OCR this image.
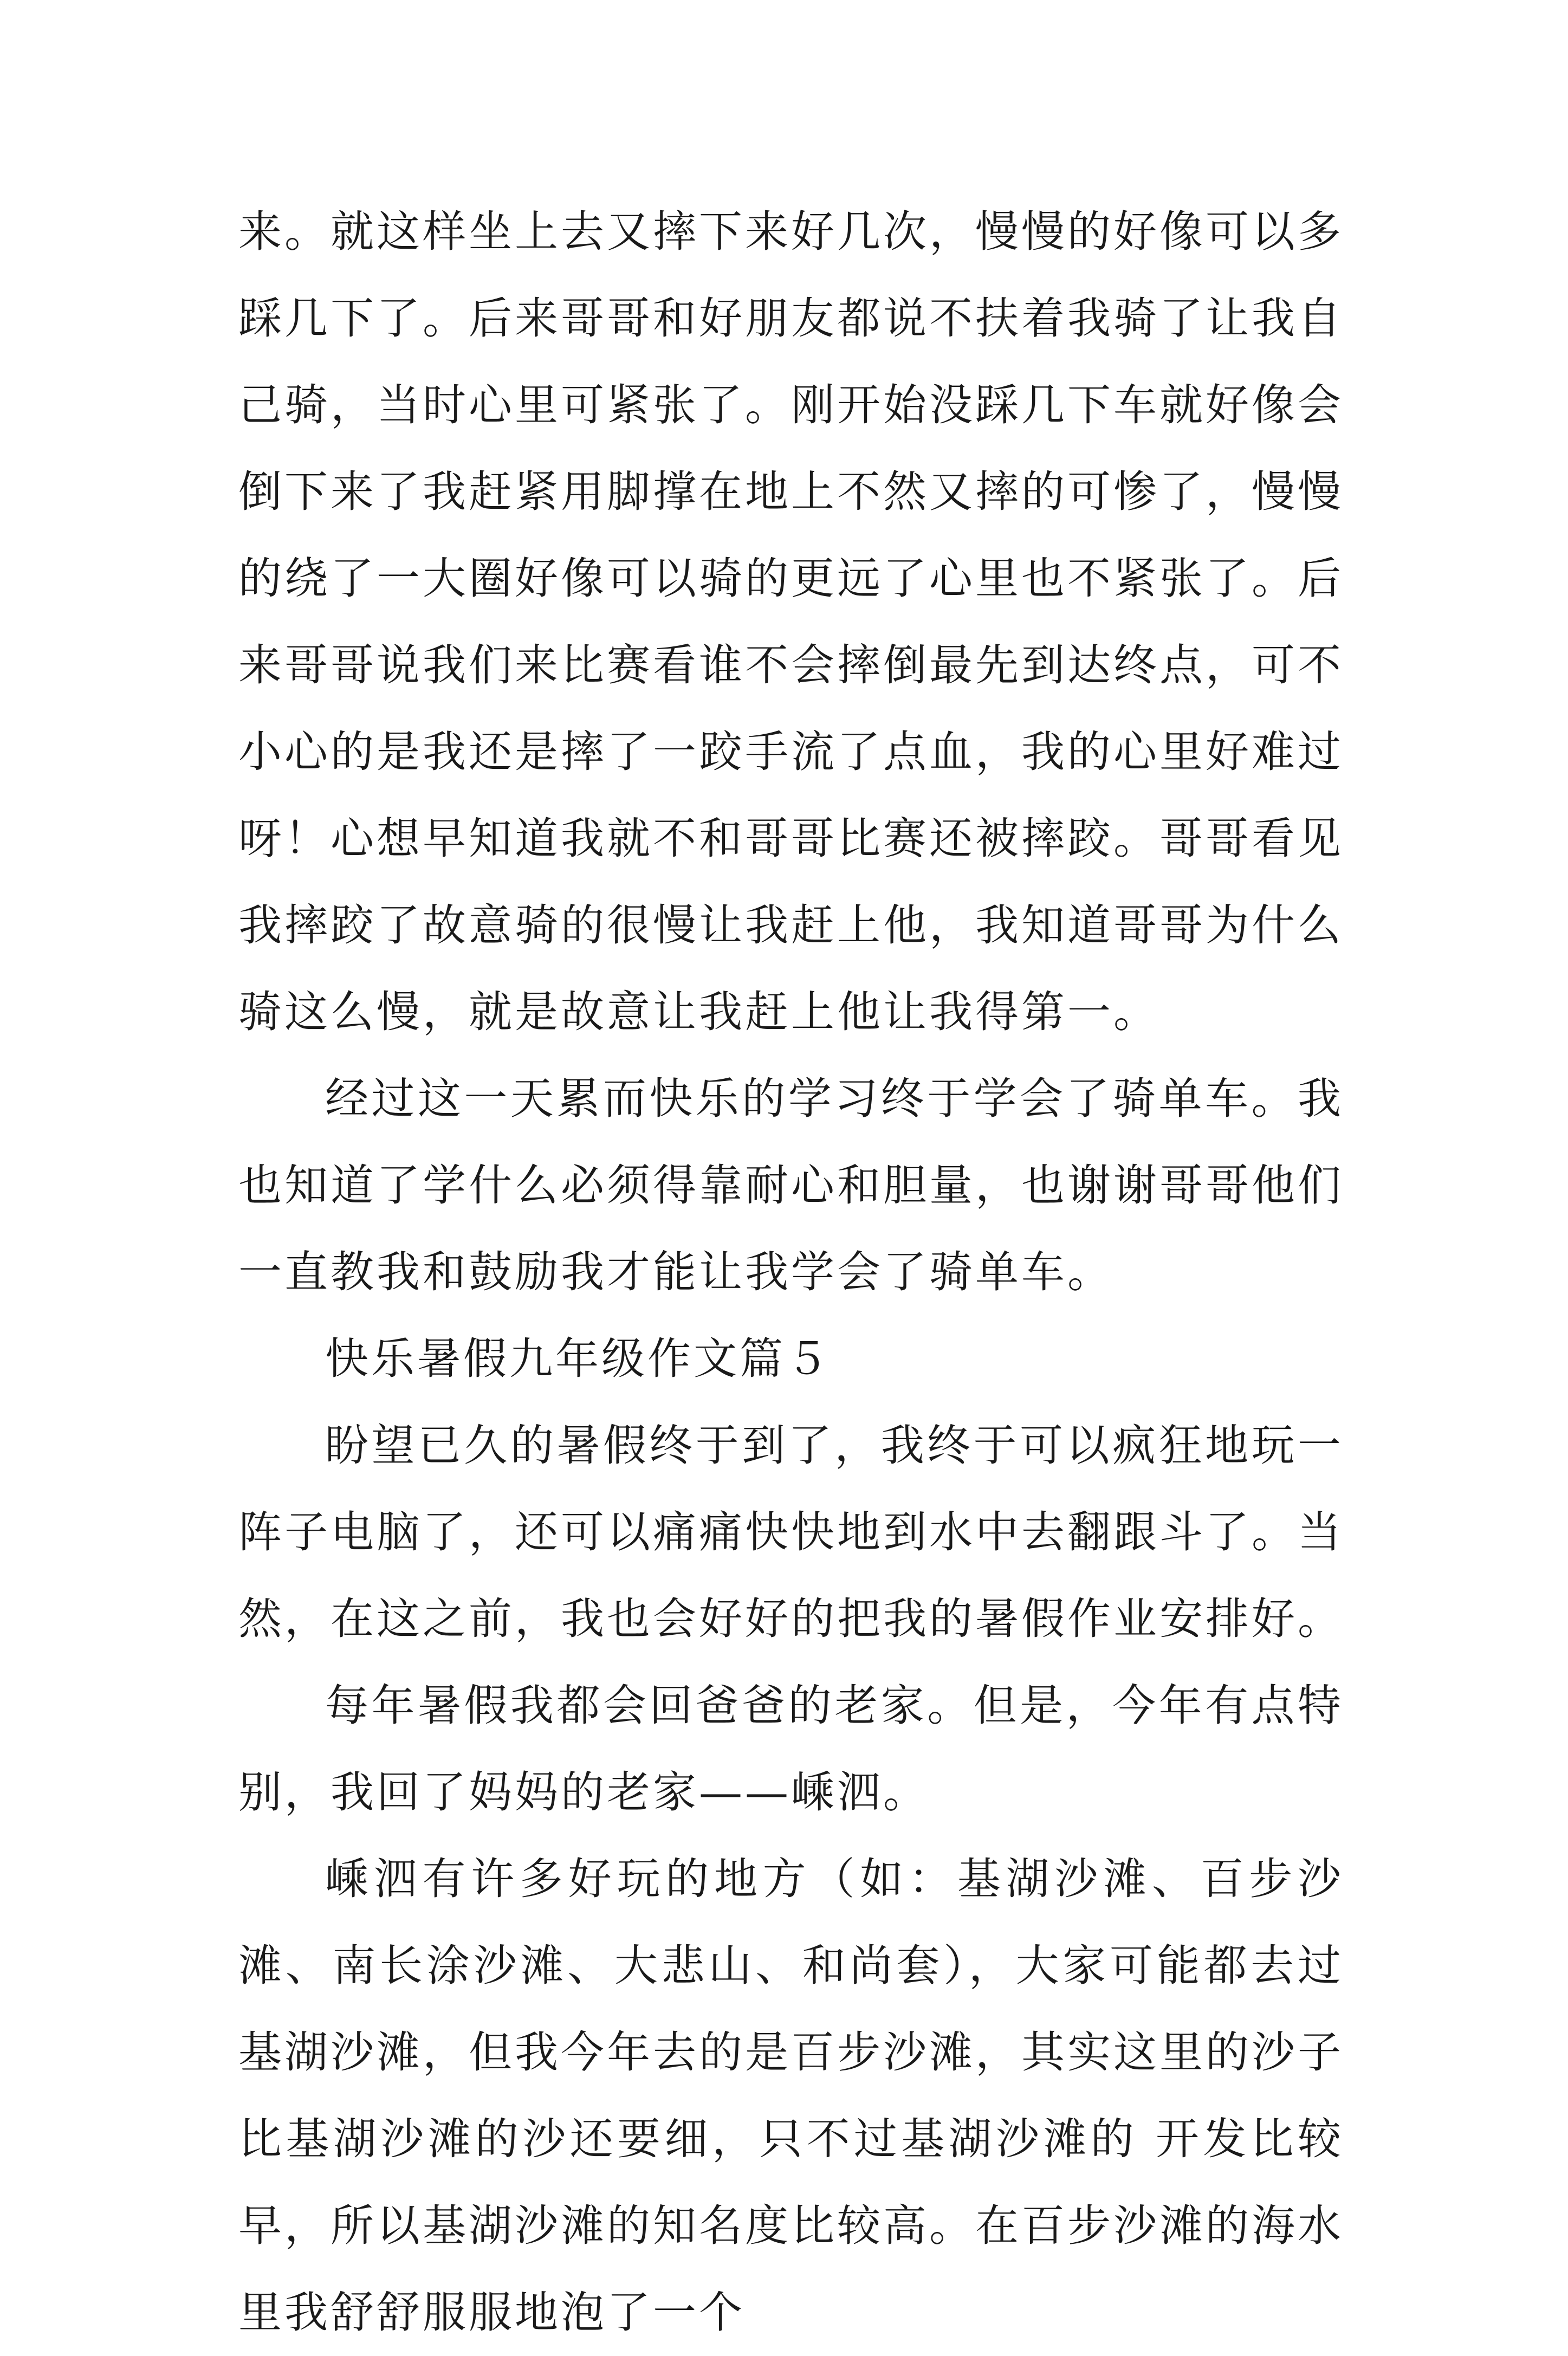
来。就这样坐上去又摔下来好几次，慢慢的好像可以多踩几下了。后来哥哥和好朋友都说不扶着我骑了让我自己骑，当时心里可紧张了。刚开始没踩几下车就好像会倒下来了我赶紧用脚撑在地上不然又摔的可惨了，慢慢的绕了一大圈好像可以骑的更远了心里也不紧张了。后来哥哥说我们来比赛看谁不会摔倒最先到达终点，可不小心的是我还是摔了一跤手流了点血，我的心里好难过呀！心想早知道我就不和哥哥比赛还被摔跤。哥哥看见我摔跤了故意骑的很慢让我赶上他，我知道哥哥为什么骑这么慢，就是故意让我赶上他让我得第一。

经过这一天累而快乐的学习终于学会了骑单车。我也知道了学什么必须得靠耐心和胆量，也谢谢哥哥他们一直教我和鼓励我才能让我学会了骑单车。

快乐暑假九年级作文篇５

盼望已久的暑假终于到了，我终于可以疯狂地玩一阵子电脑了，还可以痛痛快快地到水中去翻跟斗了。当然，在这之前，我也会好好的把我的暑假作业安排好。

每年暑假我都会回爸爸的老家。但是，今年有点特别，我回了妈妈的老家——嵊泗。

嵊泗有许多好玩的地方（如：基湖沙滩、百步沙滩、南长涂沙滩、大悲山、和尚套），大家可能都去过基湖沙滩，但我今年去的是百步沙滩，其实这里的沙子比基湖沙滩的沙还要细，只不过基湖沙滩的 开发比较早，所以基湖沙滩的知名度比较高。在百步沙滩的海水里我舒舒服服地泡了一个
